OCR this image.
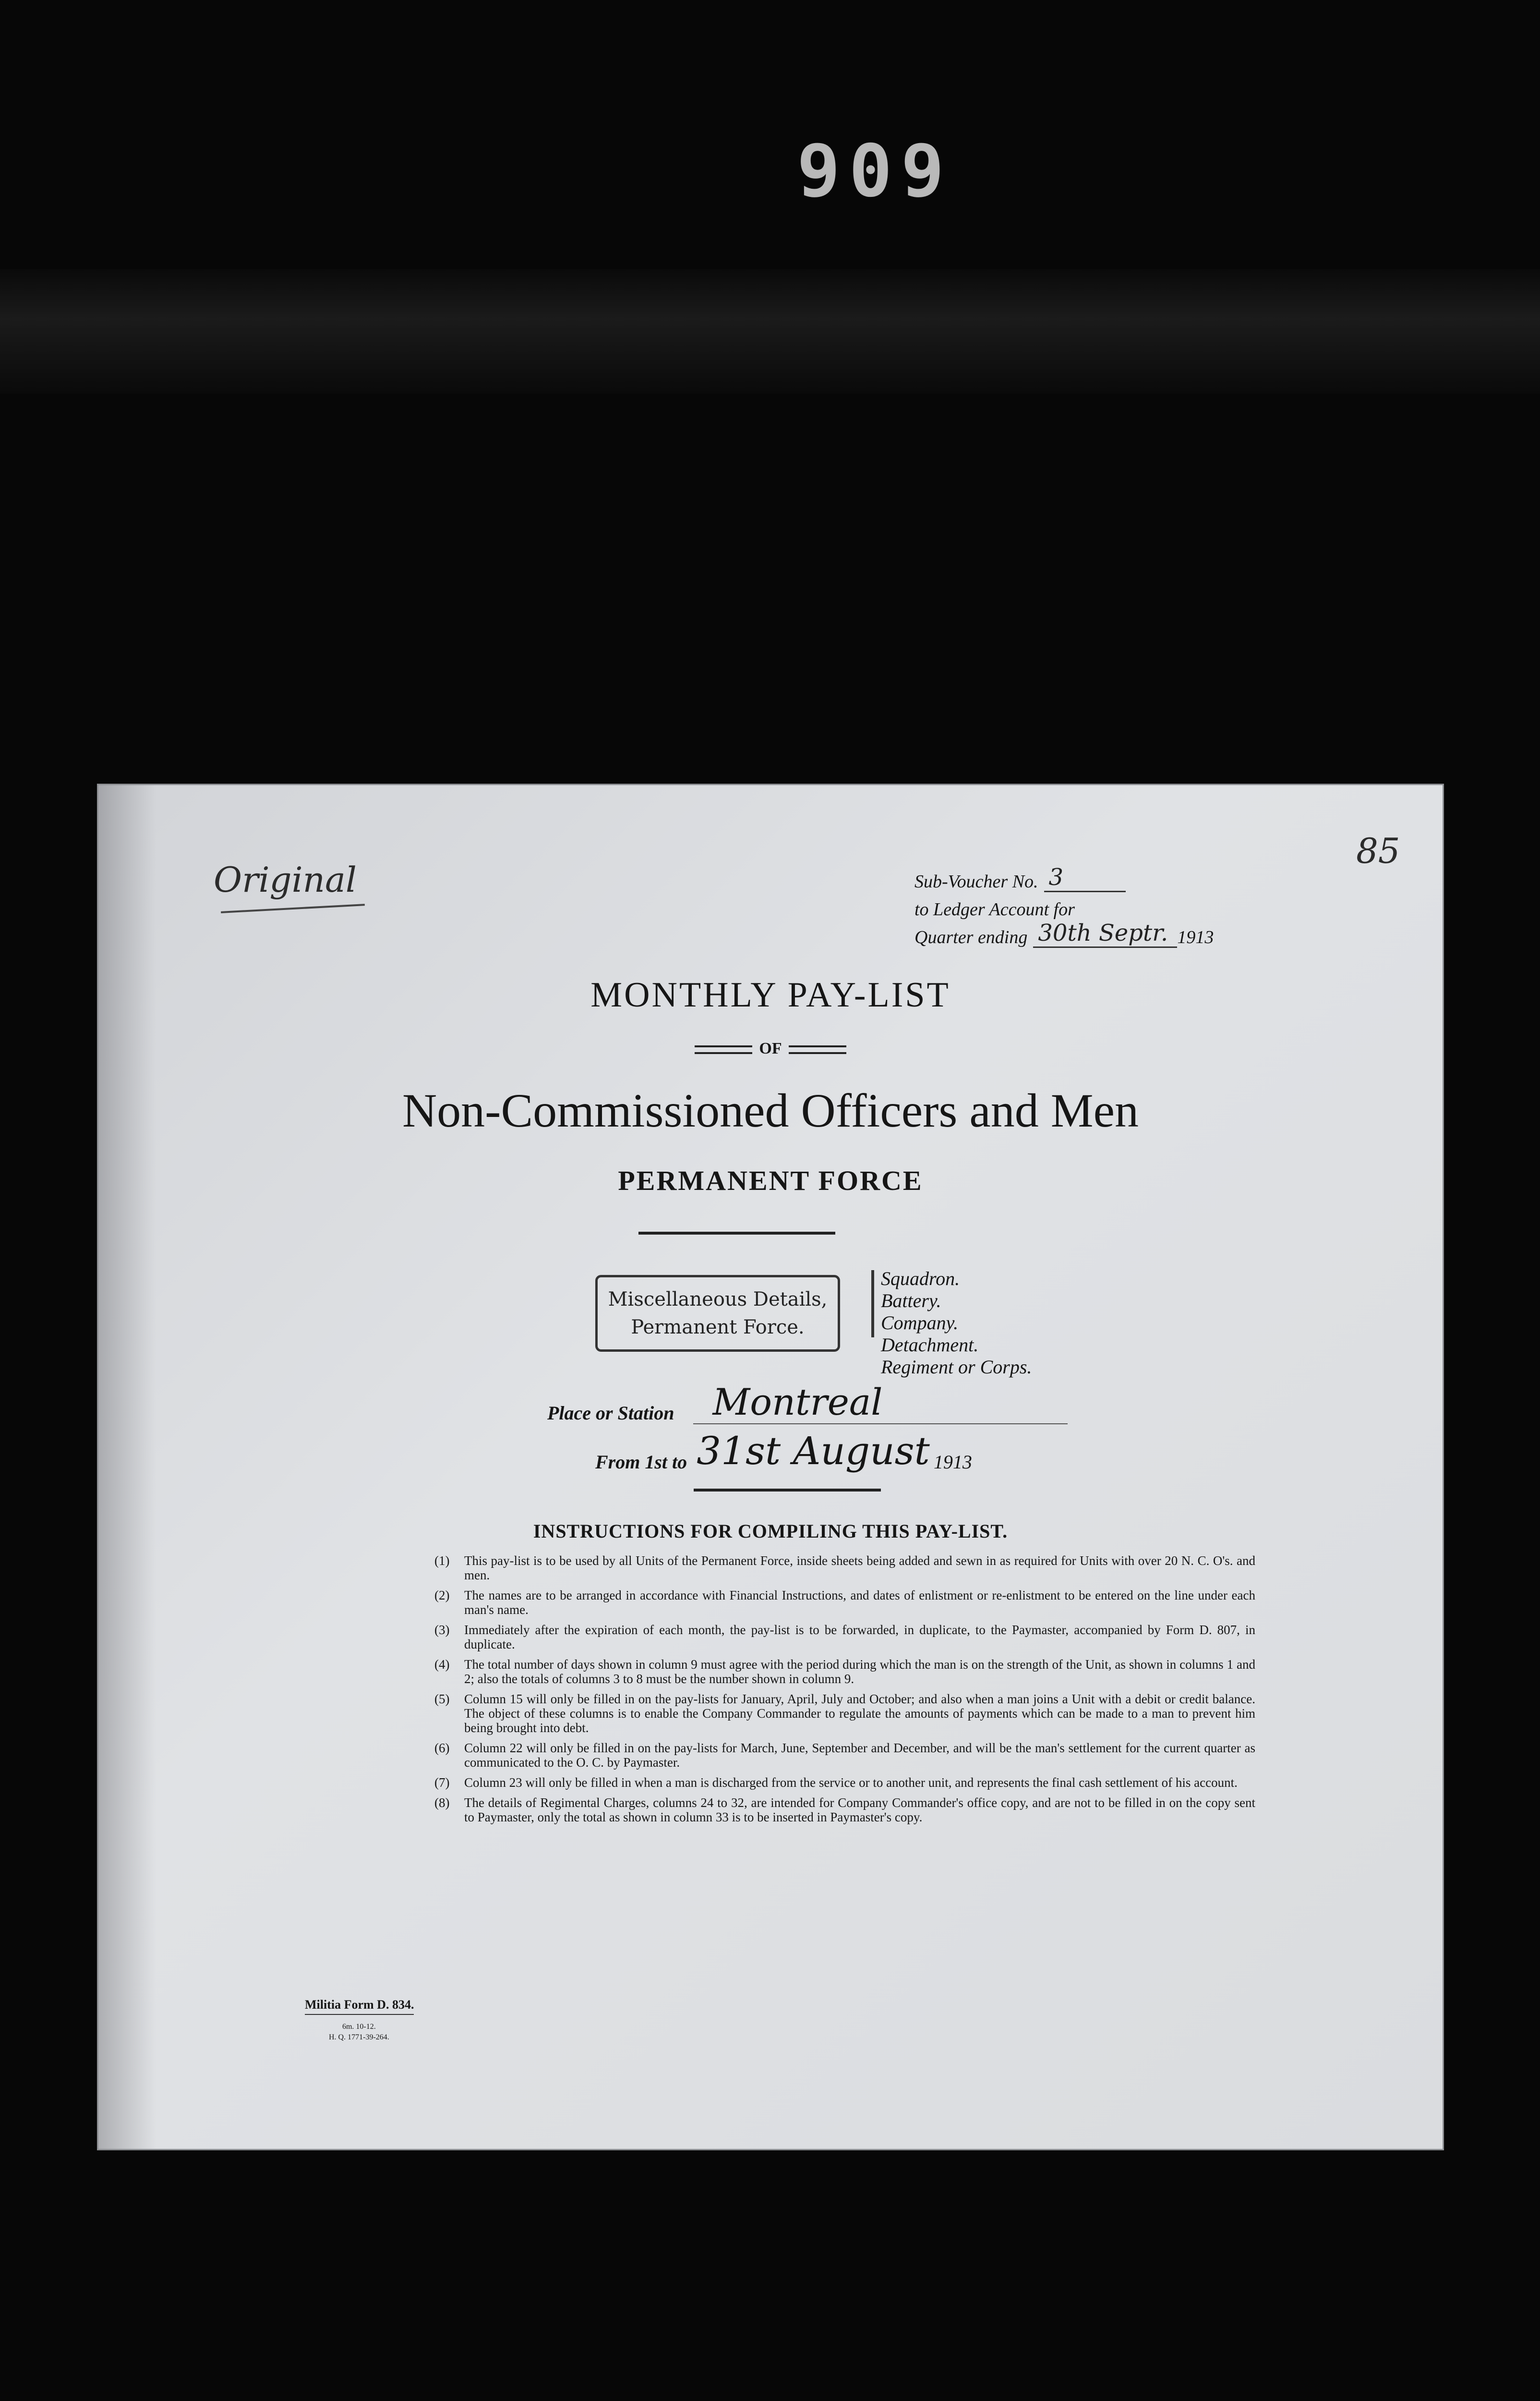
909
Original
85
Sub-Voucher No. 3
to Ledger Account for
Quarter ending 30th Septr. 1913
MONTHLY PAY-LIST
OF
Non-Commissioned Officers and Men
PERMANENT FORCE
Miscellaneous Details,
Permanent Force.
Squadron.
Battery.
Company.
Detachment.
Regiment or Corps.
Place or Station	Montreal
From 1st to 31st August 1913
INSTRUCTIONS FOR COMPILING THIS PAY-LIST.
(1)	This pay-list is to be used by all Units of the Permanent Force, inside sheets being added and sewn in as required for Units with over 20 N. C. O's. and men.
(2)	The names are to be arranged in accordance with Financial Instructions, and dates of enlistment or re-enlistment to be entered on the line under each man's name.
(3)	Immediately after the expiration of each month, the pay-list is to be forwarded, in duplicate, to the Paymaster, accompanied by Form D. 807, in duplicate.
(4)	The total number of days shown in column 9 must agree with the period during which the man is on the strength of the Unit, as shown in columns 1 and 2; also the totals of columns 3 to 8 must be the number shown in column 9.
(5)	Column 15 will only be filled in on the pay-lists for January, April, July and October; and also when a man joins a Unit with a debit or credit balance. The object of these columns is to enable the Company Commander to regulate the amounts of payments which can be made to a man to prevent him being brought into debt.
(6)	Column 22 will only be filled in on the pay-lists for March, June, September and December, and will be the man's settlement for the current quarter as communicated to the O. C. by Paymaster.
(7)	Column 23 will only be filled in when a man is discharged from the service or to another unit, and represents the final cash settlement of his account.
(8)	The details of Regimental Charges, columns 24 to 32, are intended for Company Commander's office copy, and are not to be filled in on the copy sent to Paymaster, only the total as shown in column 33 is to be inserted in Paymaster's copy.
Militia Form D. 834.
6m. 10-12.
H. Q. 1771-39-264.
